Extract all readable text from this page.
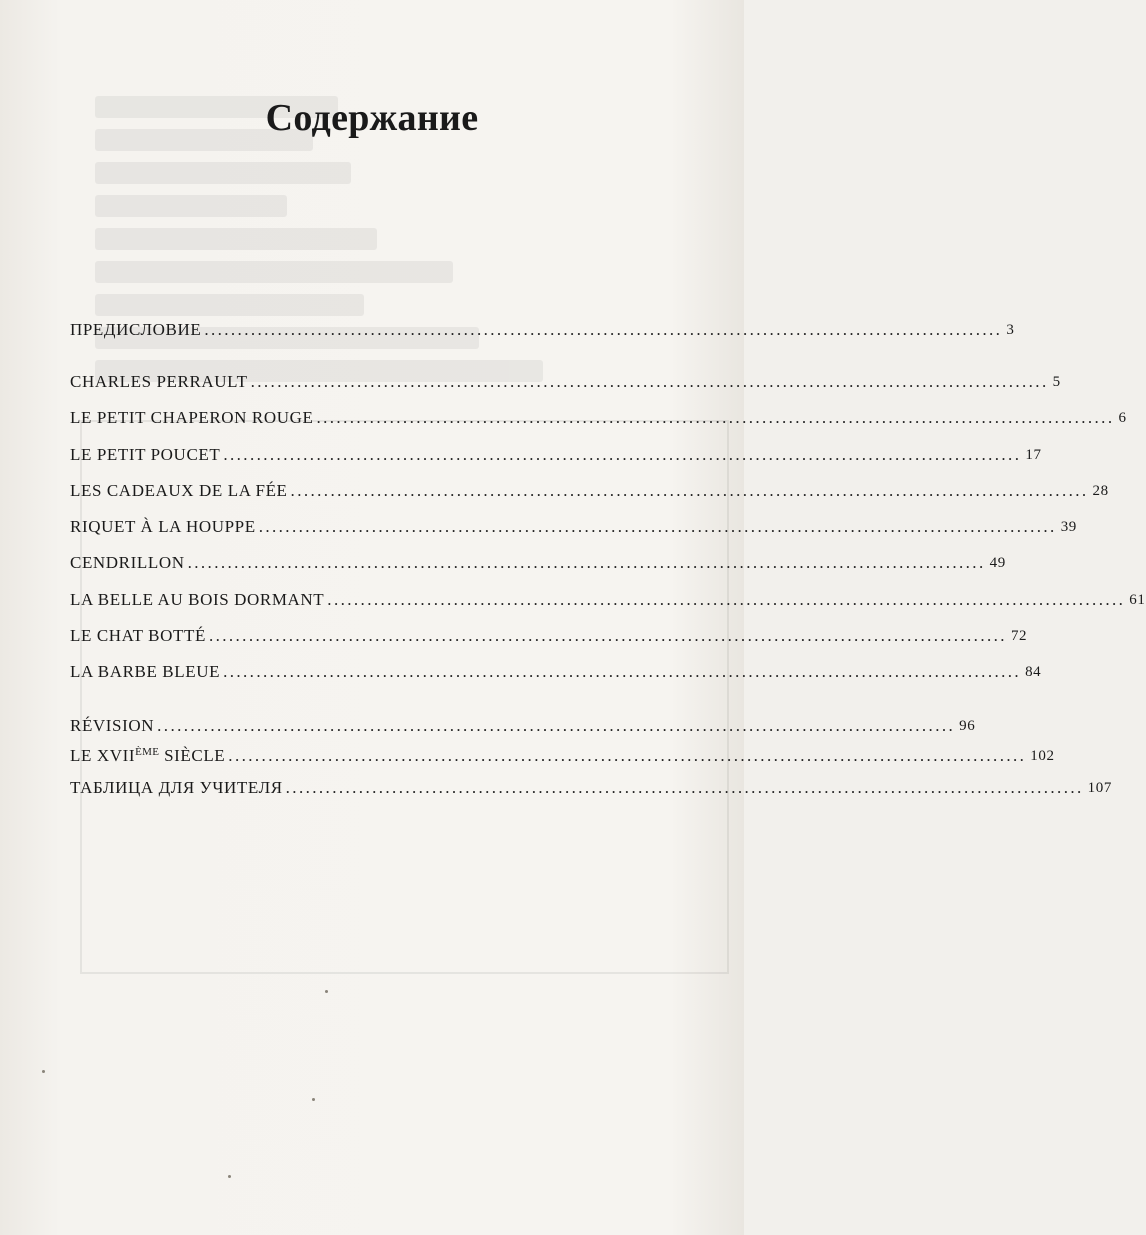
Содержание
ПРЕДИСЛОВИЕ ........................................................................................................................ 3
CHARLES PERRAULT ........................................................................................................................ 5
LE PETIT CHAPERON ROUGE ........................................................................................................................ 6
LE PETIT POUCET ........................................................................................................................ 17
LES CADEAUX DE LA FÉE ........................................................................................................................ 28
RIQUET À LA HOUPPE ........................................................................................................................ 39
CENDRILLON ........................................................................................................................ 49
LA BELLE AU BOIS DORMANT ........................................................................................................................ 61
LE CHAT BOTTÉ ........................................................................................................................ 72
LA BARBE BLEUE ........................................................................................................................ 84
RÉVISION ........................................................................................................................ 96
LE XVIIÈME SIÈCLE ........................................................................................................................ 102
ТАБЛИЦА ДЛЯ УЧИТЕЛЯ ........................................................................................................................ 107
